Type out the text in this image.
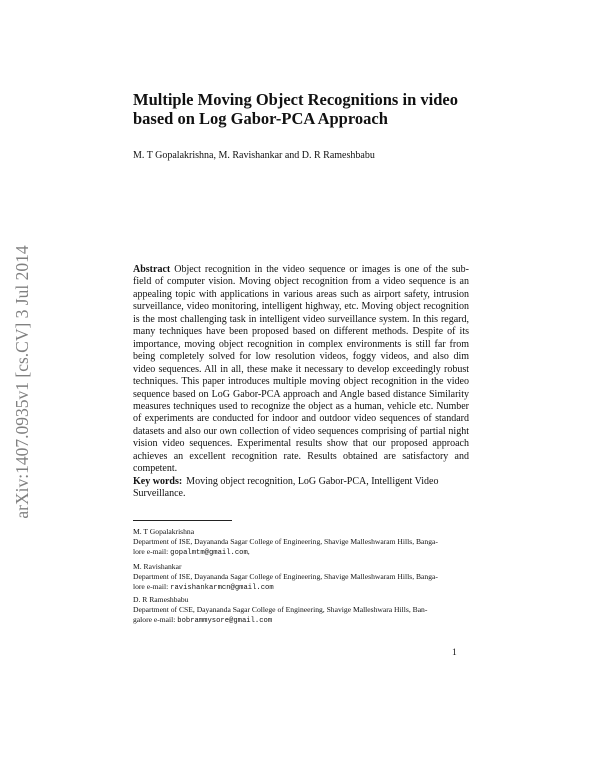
arXiv:1407.0935v1 [cs.CV] 3 Jul 2014
Multiple Moving Object Recognitions in video
based on Log Gabor-PCA Approach

M. T Gopalakrishna, M. Ravishankar and D. R Rameshbabu

Abstract Object recognition in the video sequence or images is one of the sub-field of computer vision. Moving object recognition from a video sequence is an appealing topic with applications in various areas such as airport safety, intrusion surveillance, video monitoring, intelligent highway, etc. Moving object recognition is the most challenging task in intelligent video surveillance system. In this regard, many techniques have been proposed based on different methods. Despite of its importance, moving object recognition in complex environments is still far from being completely solved for low resolution videos, foggy videos, and also dim video sequences. All in all, these make it necessary to develop exceedingly robust techniques. This paper introduces multiple moving object recognition in the video sequence based on LoG Gabor-PCA approach and Angle based distance Similarity measures techniques used to recognize the object as a human, vehicle etc. Number of experiments are conducted for indoor and outdoor video sequences of standard datasets and also our own collection of video sequences comprising of partial night vision video sequences. Experimental results show that our proposed approach achieves an excellent recognition rate. Results obtained are satisfactory and competent.

Key words: Moving object recognition, LoG Gabor-PCA, Intelligent Video Surveillance.

M. T Gopalakrishna
Department of ISE, Dayananda Sagar College of Engineering, Shavige Malleshwaram Hills, Banga-
lore e-mail: gopalmtm@gmail.com,
M. Ravishankar
Department of ISE, Dayananda Sagar College of Engineering, Shavige Malleshwaram Hills, Banga-
lore e-mail: ravishankarmcn@gmail.com
D. R Rameshbabu
Department of CSE, Dayananda Sagar College of Engineering, Shavige Malleshwara Hills, Ban-
galore e-mail: bobrammysore@gmail.com
1
